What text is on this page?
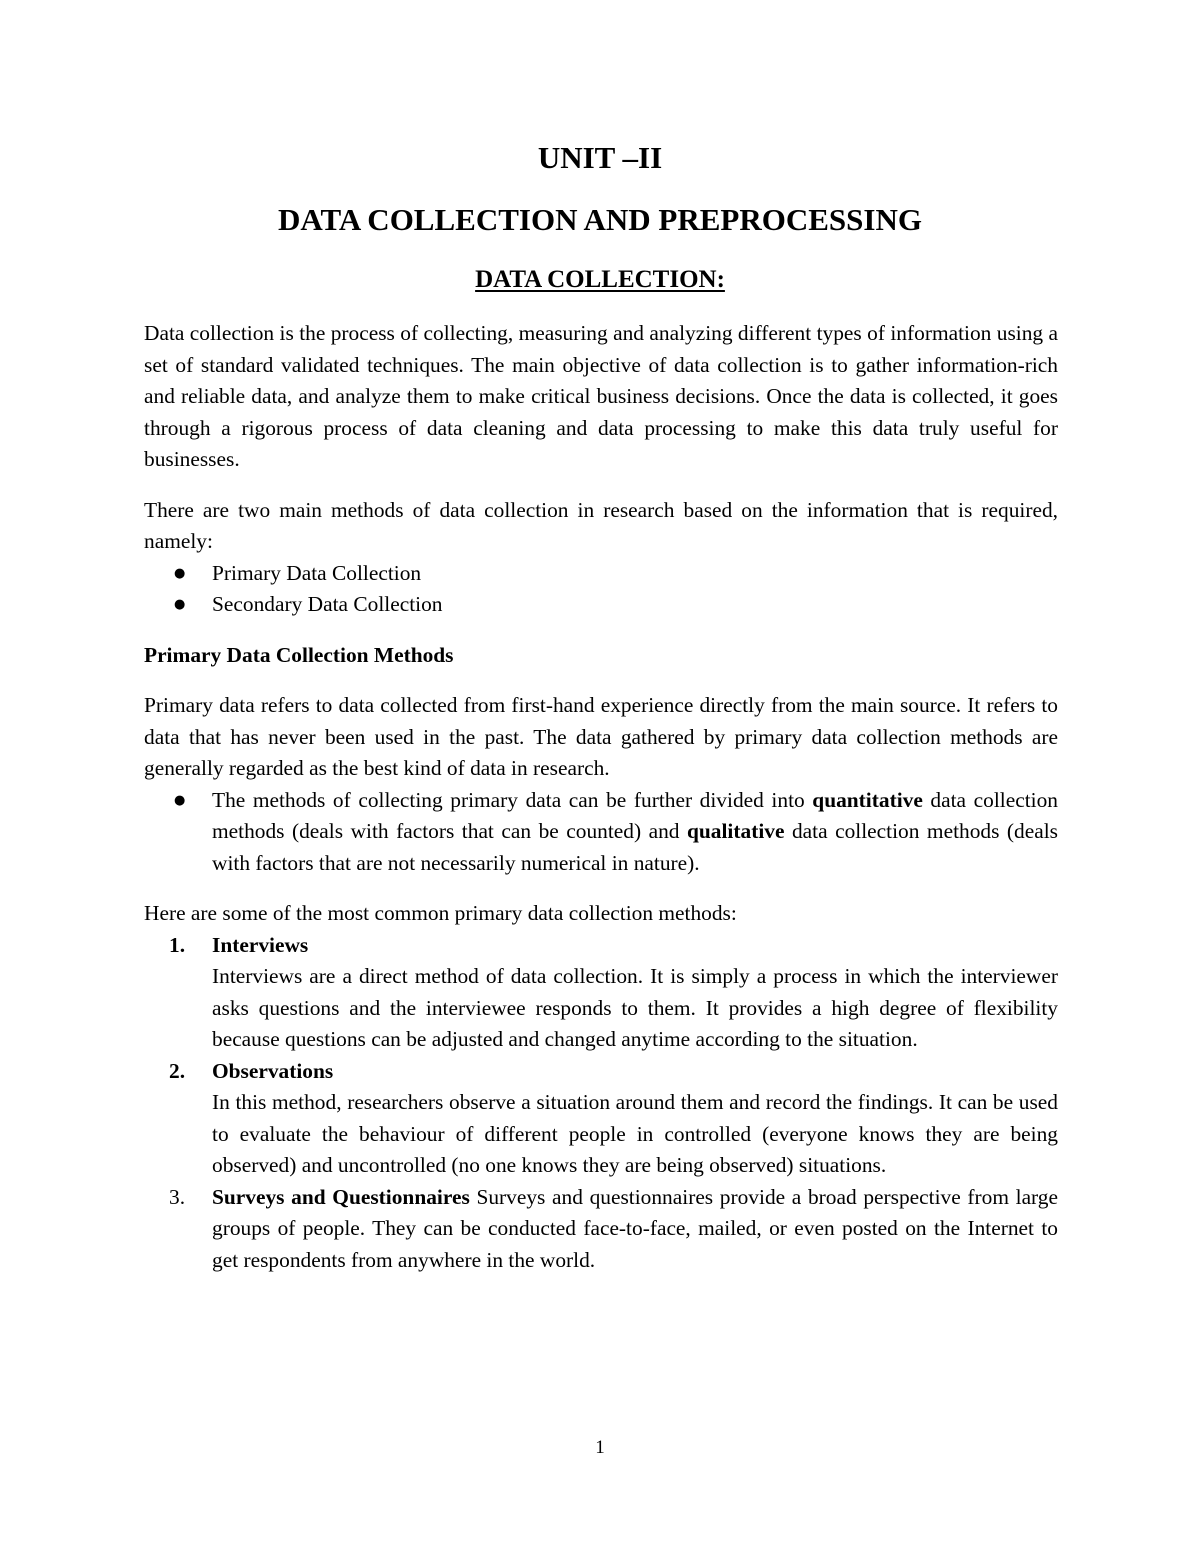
UNIT –II
DATA COLLECTION AND PREPROCESSING
DATA COLLECTION:

Data collection is the process of collecting, measuring and analyzing different types of information using a set of standard validated techniques. The main objective of data collection is to gather information-rich and reliable data, and analyze them to make critical business decisions. Once the data is collected, it goes through a rigorous process of data cleaning and data processing to make this data truly useful for businesses.

There are two main methods of data collection in research based on the information that is required, namely:

● Primary Data Collection
● Secondary Data Collection

Primary Data Collection Methods

Primary data refers to data collected from first-hand experience directly from the main source. It refers to data that has never been used in the past. The data gathered by primary data collection methods are generally regarded as the best kind of data in research.

● The methods of collecting primary data can be further divided into quantitative data collection methods (deals with factors that can be counted) and qualitative data collection methods (deals with factors that are not necessarily numerical in nature).

Here are some of the most common primary data collection methods:

1. Interviews
Interviews are a direct method of data collection. It is simply a process in which the interviewer asks questions and the interviewee responds to them. It provides a high degree of flexibility because questions can be adjusted and changed anytime according to the situation.
2. Observations
In this method, researchers observe a situation around them and record the findings. It can be used to evaluate the behaviour of different people in controlled (everyone knows they are being observed) and uncontrolled (no one knows they are being observed) situations.
3. Surveys and Questionnaires Surveys and questionnaires provide a broad perspective from large groups of people. They can be conducted face-to-face, mailed, or even posted on the Internet to get respondents from anywhere in the world.
1
